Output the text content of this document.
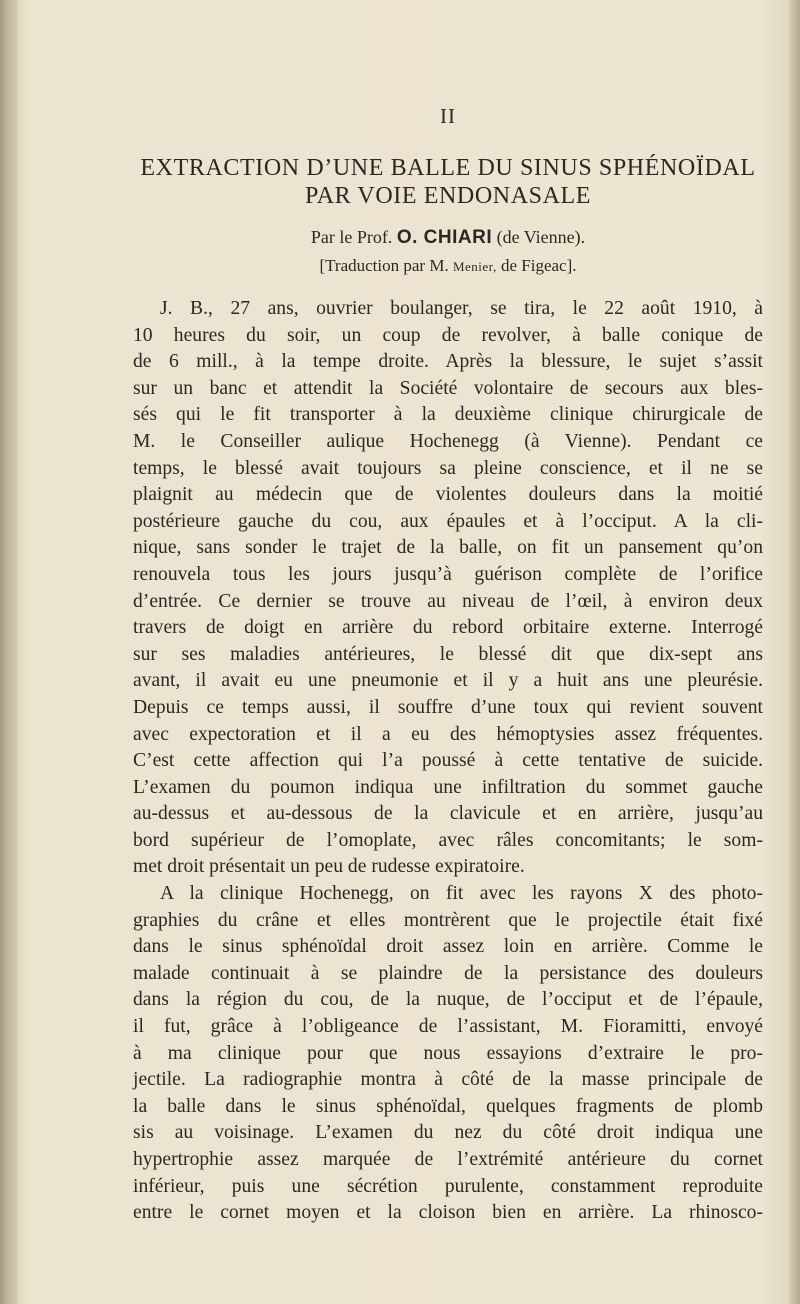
II
EXTRACTION D’UNE BALLE DU SINUS SPHÉNOÏDAL
PAR VOIE ENDONASALE
Par le Prof. O. CHIARI (de Vienne).
[Traduction par M. Menier, de Figeac].
J. B., 27 ans, ouvrier boulanger, se tira, le 22 août 1910, à
10 heures du soir, un coup de revolver, à balle conique de
de 6 mill., à la tempe droite. Après la blessure, le sujet s’assit
sur un banc et attendit la Société volontaire de secours aux bles-
sés qui le fit transporter à la deuxième clinique chirurgicale de
M. le Conseiller aulique Hochenegg (à Vienne). Pendant ce
temps, le blessé avait toujours sa pleine conscience, et il ne se
plaignit au médecin que de violentes douleurs dans la moitié
postérieure gauche du cou, aux épaules et à l’occiput. A la cli-
nique, sans sonder le trajet de la balle, on fit un pansement qu’on
renouvela tous les jours jusqu’à guérison complète de l’orifice
d’entrée. Ce dernier se trouve au niveau de l’œil, à environ deux
travers de doigt en arrière du rebord orbitaire externe. Interrogé
sur ses maladies antérieures, le blessé dit que dix-sept ans
avant, il avait eu une pneumonie et il y a huit ans une pleurésie.
Depuis ce temps aussi, il souffre d’une toux qui revient souvent
avec expectoration et il a eu des hémoptysies assez fréquentes.
C’est cette affection qui l’a poussé à cette tentative de suicide.
L’examen du poumon indiqua une infiltration du sommet gauche
au-dessus et au-dessous de la clavicule et en arrière, jusqu’au
bord supérieur de l’omoplate, avec râles concomitants; le som-
met droit présentait un peu de rudesse expiratoire.
A la clinique Hochenegg, on fit avec les rayons X des photo-
graphies du crâne et elles montrèrent que le projectile était fixé
dans le sinus sphénoïdal droit assez loin en arrière. Comme le
malade continuait à se plaindre de la persistance des douleurs
dans la région du cou, de la nuque, de l’occiput et de l’épaule,
il fut, grâce à l’obligeance de l’assistant, M. Fioramitti, envoyé
à ma clinique pour que nous essayions d’extraire le pro-
jectile. La radiographie montra à côté de la masse principale de
la balle dans le sinus sphénoïdal, quelques fragments de plomb
sis au voisinage. L’examen du nez du côté droit indiqua une
hypertrophie assez marquée de l’extrémité antérieure du cornet
inférieur, puis une sécrétion purulente, constamment reproduite
entre le cornet moyen et la cloison bien en arrière. La rhinosco-
